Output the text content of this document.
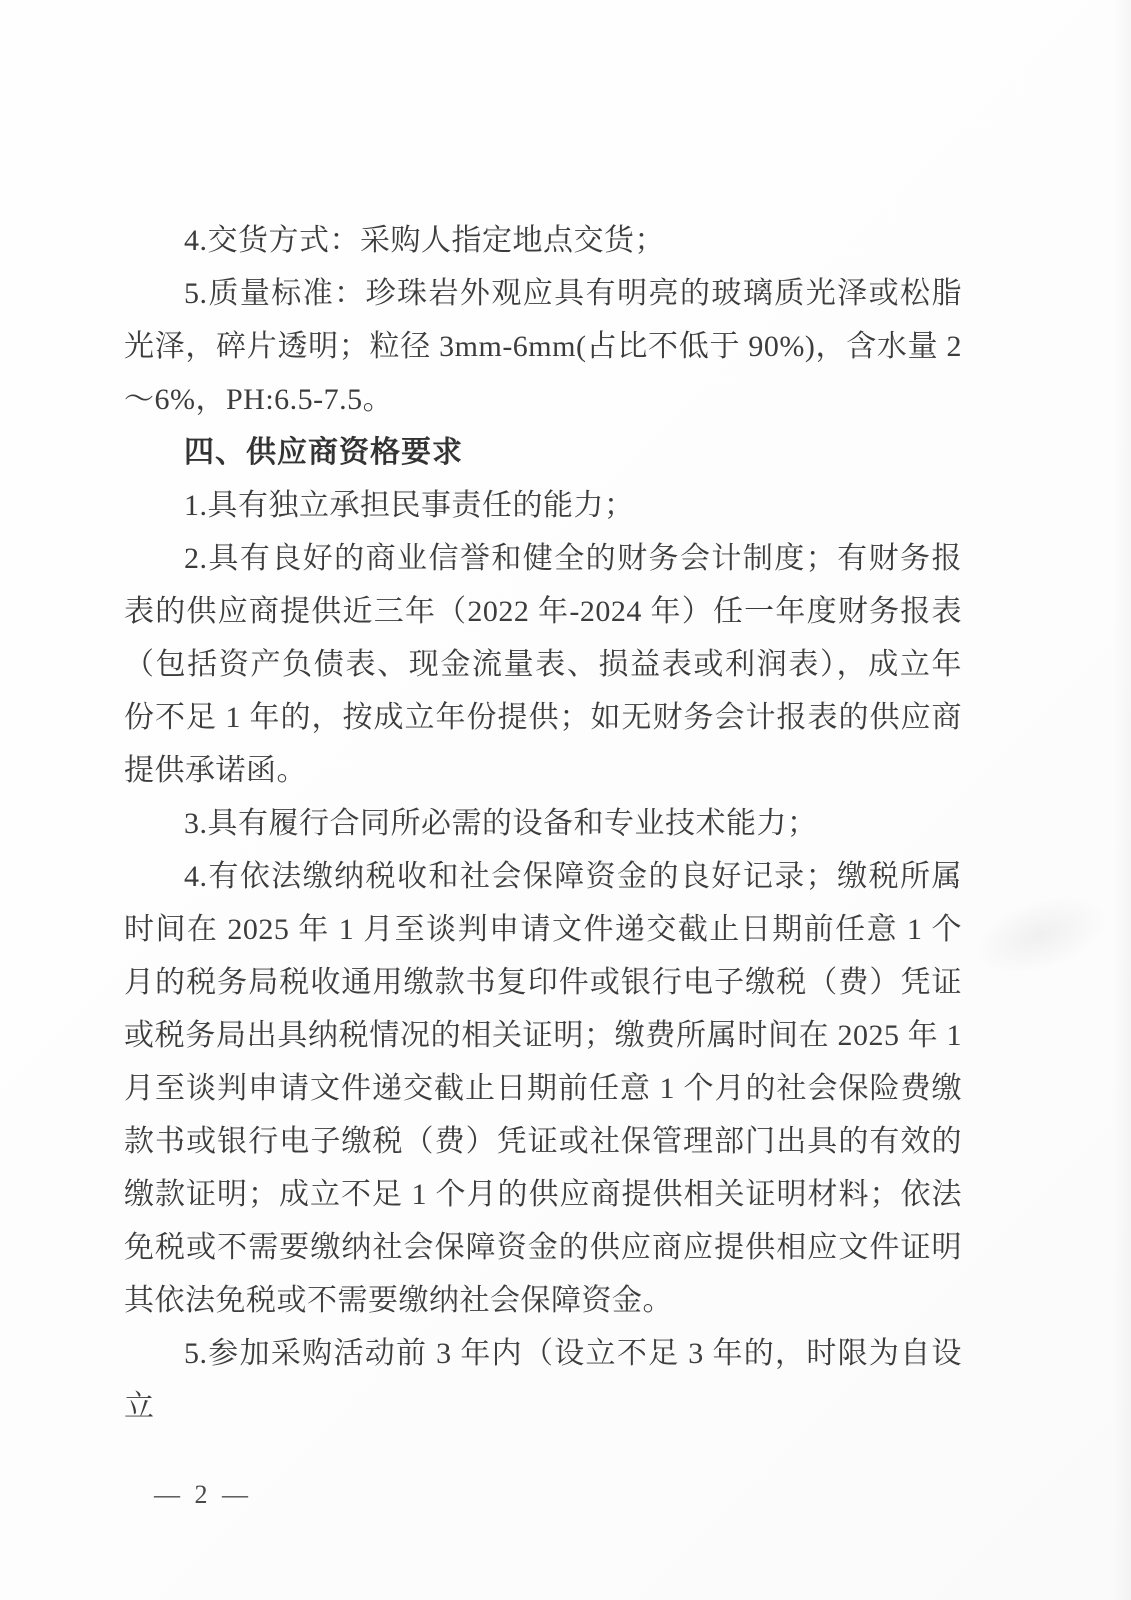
4.交货方式：采购人指定地点交货；

5.质量标准：珍珠岩外观应具有明亮的玻璃质光泽或松脂光泽，碎片透明；粒径 3mm-6mm(占比不低于 90%)，含水量 2～6%，PH:6.5-7.5。

四、供应商资格要求

1.具有独立承担民事责任的能力；

2.具有良好的商业信誉和健全的财务会计制度；有财务报表的供应商提供近三年（2022 年-2024 年）任一年度财务报表（包括资产负债表、现金流量表、损益表或利润表），成立年份不足 1 年的，按成立年份提供；如无财务会计报表的供应商提供承诺函。

3.具有履行合同所必需的设备和专业技术能力；

4.有依法缴纳税收和社会保障资金的良好记录；缴税所属时间在 2025 年 1 月至谈判申请文件递交截止日期前任意 1 个月的税务局税收通用缴款书复印件或银行电子缴税（费）凭证或税务局出具纳税情况的相关证明；缴费所属时间在 2025 年 1 月至谈判申请文件递交截止日期前任意 1 个月的社会保险费缴款书或银行电子缴税（费）凭证或社保管理部门出具的有效的缴款证明；成立不足 1 个月的供应商提供相关证明材料；依法免税或不需要缴纳社会保障资金的供应商应提供相应文件证明其依法免税或不需要缴纳社会保障资金。

5.参加采购活动前 3 年内（设立不足 3 年的，时限为自设立

— 2 —
